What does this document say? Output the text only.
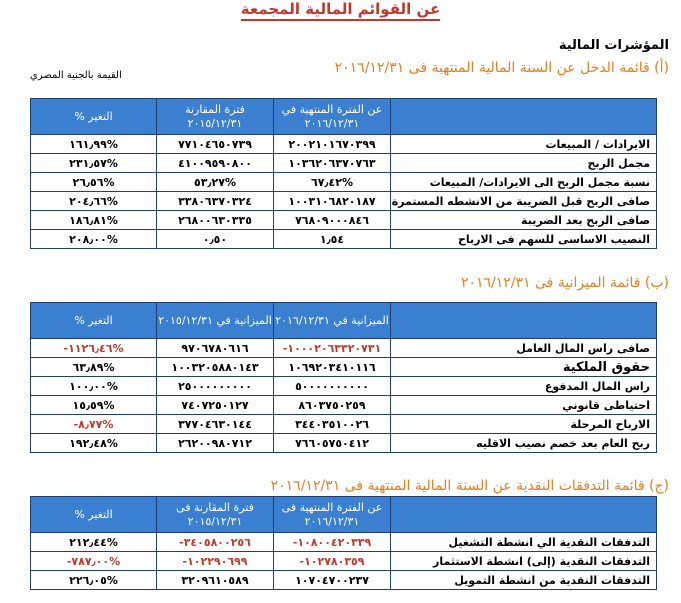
عن القوائم المالية المجمعة
المؤشرات المالية
(أ) قائمة الدخل عن السنة المالية المنتهية فى ٢٠١٦/١٢/٣١
القيمة بالجنية المصري
	عن الفترة المنتهية في ٢٠١٦/١٢/٣١	فترة المقارنة ٢٠١٥/١٢/٣١	التغير %
الايرادات / المبيعات	٢٠٠٢١٠١٦٧٠٣٩٩	٧٧١٠٤٦٥٠٧٣٩	%١٦١٫٩٩
مجمل الربح	١٠٣٦٢٠٦٣٧٠٧٦٣	٤١٠٠٩٥٩٠٨٠٠	%٢٣١٫٥٧
نسبة مجمل الربح الى الايرادات/ المبيعات	%٦٧٫٤٢	%٥٣٫٢٧	%٢٦٫٥٦
صافى الربح قبل الضريبة من الانشطه المستمرة	١٠٠٣١٠٦٨٢٠١٨٧	٣٣٨٠٦٣٧٠٣٢٤	%٢٠٤٫٦٦
صافى الربح بعد الضريبة	٧٦٨٠٩٠٠٠٨٤٦	٢٦٨٠٠٦٣٠٣٣٥	%١٨٦٫٨١
النصيب الاساسى للسهم فى الارباح	١٫٥٤	٠٫٥٠	%٢٠٨٫٠٠
(ب) قائمة الميزانية فى ٢٠١٦/١٢/٣١
	الميزانية في ٢٠١٦/١٢/٣١	الميزانية في ٢٠١٥/١٢/٣١	التغير %
صافى راس المال العامل	١٠٠٠٢٠٦٣٣٢٠٧٣١-	٩٧٠٦٧٨٠٦١٦	%١١٢٦٫٤٦-
حقوق الملكية	١٠٦٩٢٠٣٤١٠١١٦	١٠٠٣٢٠٥٨٨٠١٤٣	%٦٣٫٨٩
راس المال المدفوع	٥٠٠٠٠٠٠٠٠٠٠	٢٥٠٠٠٠٠٠٠٠٠	%١٠٠٫٠٠
احتياطى قانوني	٨٦٠٣٧٥٠٢٥٩	٧٤٠٧٢٥٠١٢٧	%١٥٫٥٩
الارباح المرحلة	٣٤٤٠٣٥١٠٠٢٦	٣٧٧٠٤٦٣٠١٤٤	%٨٫٧٧-
ربح العام بعد خصم نصيب الاقليه	٧٦٦٠٥٧٥٠٤١٢	٢٦٢٠٠٩٨٠٧١٢	%١٩٢٫٤٨
(ج) قائمة التدفقات النقدية عن السنة المالية المنتهية فى ٢٠١٦/١٢/٣١
	عن الفترة المنتهية فى ٢٠١٦/١٢/٣١	فترة المقارنة فى ٢٠١٥/١٢/٣١	التغير %
التدفقات النقدية الي انشطة التشغيل	١٠٨٠٠٤٢٠٣٣٩-	٣٤٠٥٨٠٠٢٥٦-	%٢١٢٫٤٤
التدفقات النقدية (إلى) انشطة الاستثمار	١٠٢٧٨٠٣٥٩-	١٠٢٢٩٠٦٩٩-	%٧٨٧٫٠٠-
التدفقات النقدية من انشطة التمويل	١٠٧٠٤٧٠٠٢٣٧	٣٢٠٩٦١٠٥٨٩	%٢٢٦٫٠٥
